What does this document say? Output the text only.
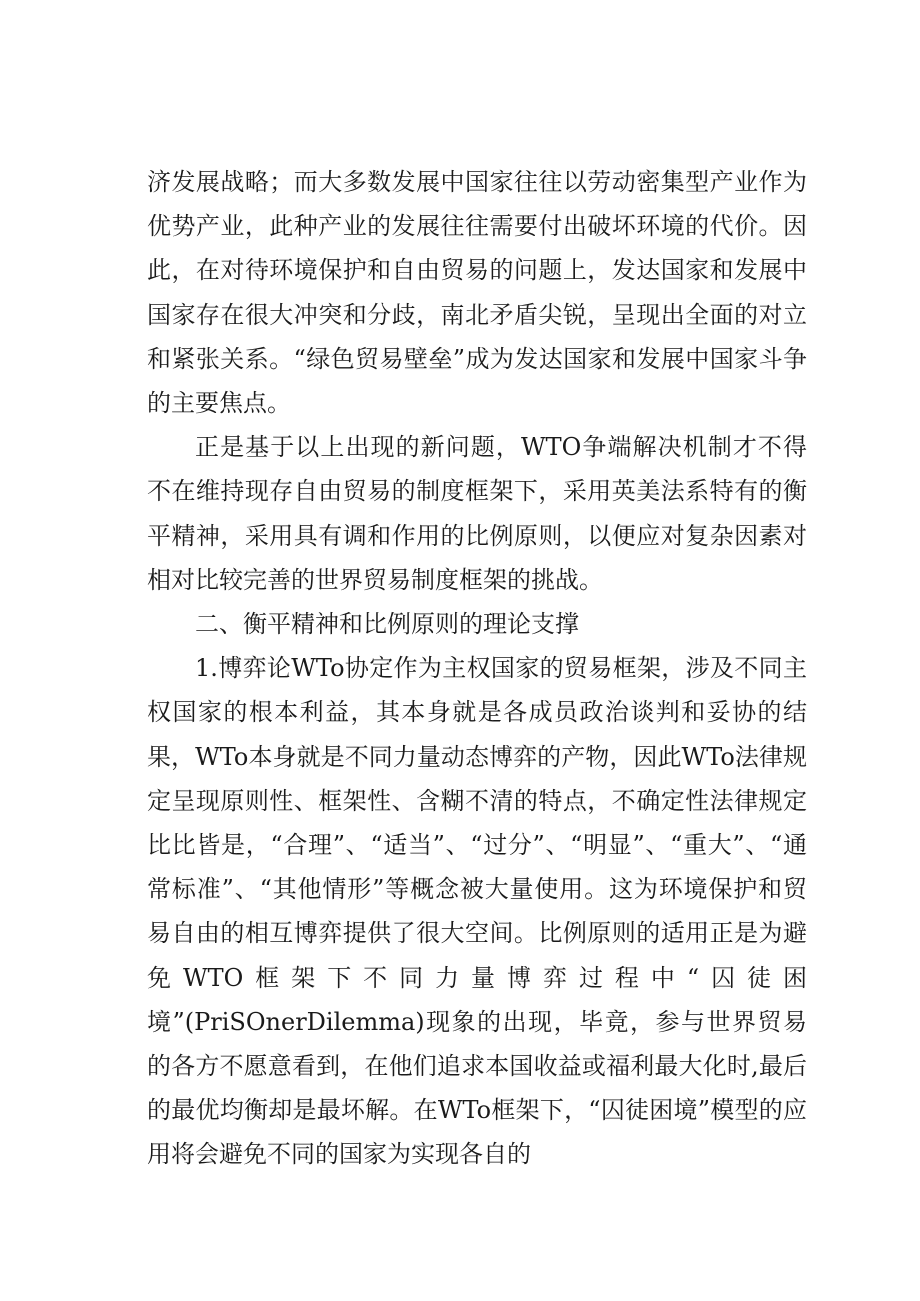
济发展战略；而大多数发展中国家往往以劳动密集型产业作为优势产业，此种产业的发展往往需要付出破坏环境的代价。因此，在对待环境保护和自由贸易的问题上，发达国家和发展中国家存在很大冲突和分歧，南北矛盾尖锐，呈现出全面的对立和紧张关系。“绿色贸易壁垒”成为发达国家和发展中国家斗争的主要焦点。

正是基于以上出现的新问题，WTO争端解决机制才不得不在维持现存自由贸易的制度框架下，采用英美法系特有的衡平精神，采用具有调和作用的比例原则，以便应对复杂因素对相对比较完善的世界贸易制度框架的挑战。

二、衡平精神和比例原则的理论支撑

1.博弈论WTo协定作为主权国家的贸易框架，涉及不同主权国家的根本利益，其本身就是各成员政治谈判和妥协的结果，WTo本身就是不同力量动态博弈的产物，因此WTo法律规定呈现原则性、框架性、含糊不清的特点，不确定性法律规定比比皆是，“合理”、“适当”、“过分”、“明显”、“重大”、“通常标准”、“其他情形”等概念被大量使用。这为环境保护和贸易自由的相互博弈提供了很大空间。比例原则的适用正是为避免WTO框架下不同力量博弈过程中“囚徒困境”(PriSOnerDilemma)现象的出现，毕竟，参与世界贸易的各方不愿意看到，在他们追求本国收益或福利最大化时,最后的最优均衡却是最坏解。在WTo框架下，“囚徒困境”模型的应用将会避免不同的国家为实现各自的
